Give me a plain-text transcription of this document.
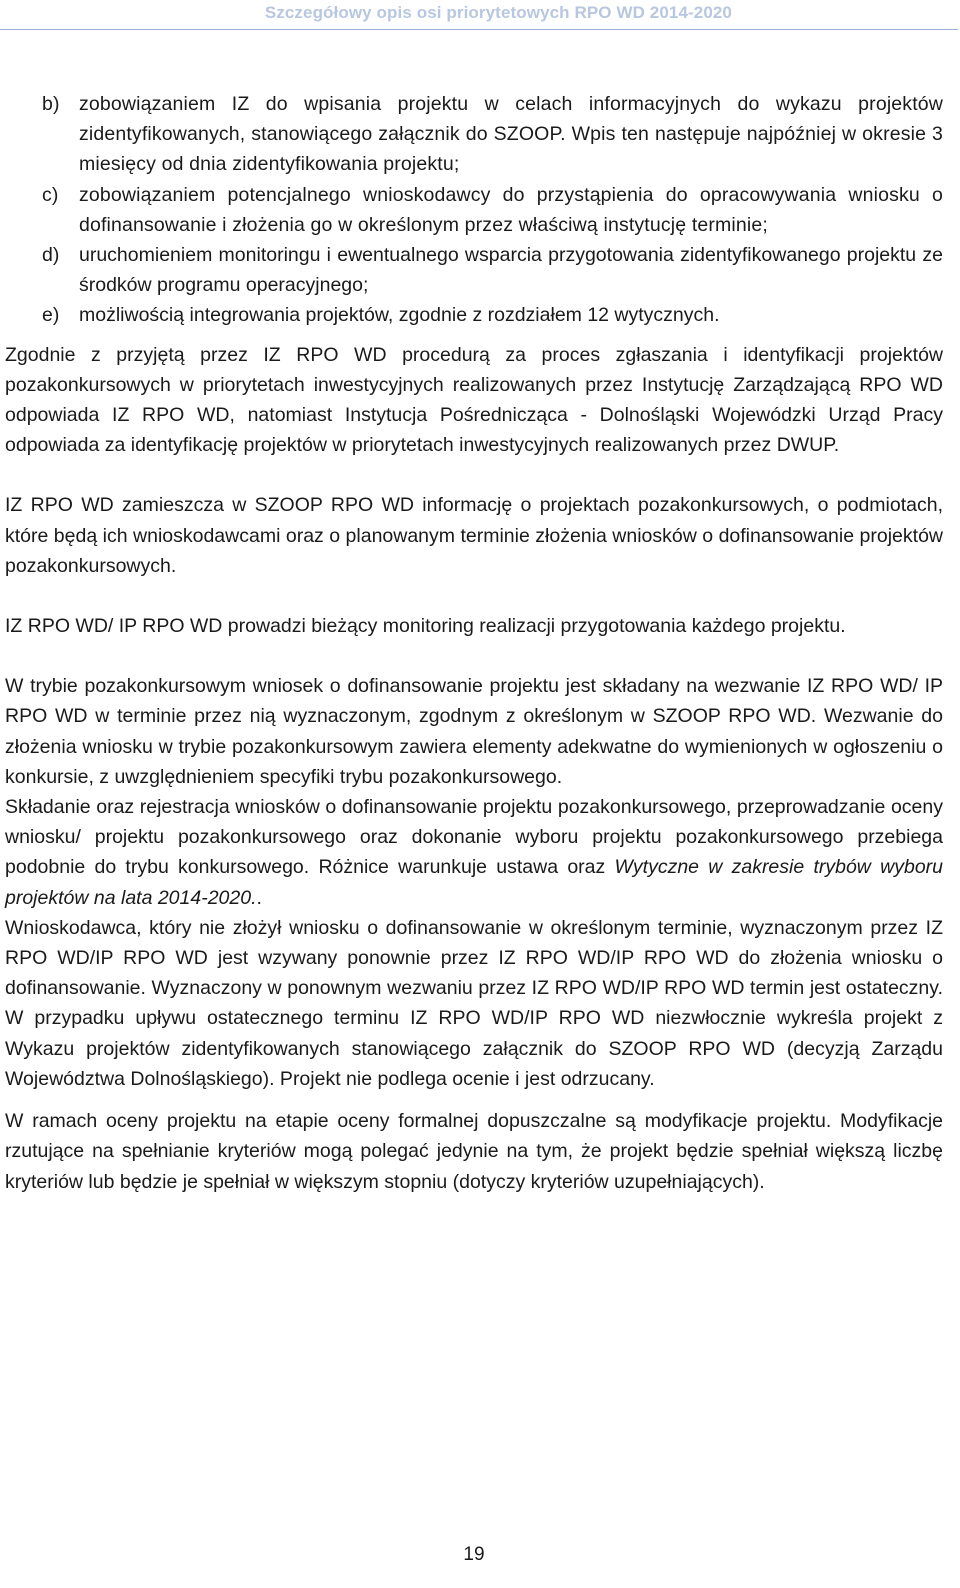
Szczegółowy opis osi priorytetowych RPO WD 2014-2020
b) zobowiązaniem IZ do wpisania projektu w celach informacyjnych do wykazu projektów zidentyfikowanych, stanowiącego załącznik do SZOOP. Wpis ten następuje najpóźniej w okresie 3 miesięcy od dnia zidentyfikowania projektu;
c) zobowiązaniem potencjalnego wnioskodawcy do przystąpienia do opracowywania wniosku o dofinansowanie i złożenia go w określonym przez właściwą instytucję terminie;
d) uruchomieniem monitoringu i ewentualnego wsparcia przygotowania zidentyfikowanego projektu ze środków programu operacyjnego;
e) możliwością integrowania projektów, zgodnie z rozdziałem 12 wytycznych.

Zgodnie z przyjętą przez IZ RPO WD procedurą za proces zgłaszania i identyfikacji projektów pozakonkursowych w priorytetach inwestycyjnych realizowanych przez Instytucję Zarządzającą RPO WD odpowiada IZ RPO WD, natomiast Instytucja Pośrednicząca - Dolnośląski Wojewódzki Urząd Pracy odpowiada za identyfikację projektów w priorytetach inwestycyjnych realizowanych przez DWUP.

IZ RPO WD zamieszcza w SZOOP RPO WD informację o projektach pozakonkursowych, o podmiotach, które będą ich wnioskodawcami oraz o planowanym terminie złożenia wniosków o dofinansowanie projektów pozakonkursowych.

IZ RPO WD/ IP RPO WD prowadzi bieżący monitoring realizacji przygotowania każdego projektu.

W trybie pozakonkursowym wniosek o dofinansowanie projektu jest składany na wezwanie IZ RPO WD/ IP RPO WD w terminie przez nią wyznaczonym, zgodnym z określonym w SZOOP RPO WD. Wezwanie do złożenia wniosku w trybie pozakonkursowym zawiera elementy adekwatne do wymienionych w ogłoszeniu o konkursie, z uwzględnieniem specyfiki trybu pozakonkursowego.

Składanie oraz rejestracja wniosków o dofinansowanie projektu pozakonkursowego, przeprowadzanie oceny wniosku/ projektu pozakonkursowego oraz dokonanie wyboru projektu pozakonkursowego przebiega podobnie do trybu konkursowego. Różnice warunkuje ustawa oraz Wytyczne w zakresie trybów wyboru projektów na lata 2014-2020..

Wnioskodawca, który nie złożył wniosku o dofinansowanie w określonym terminie, wyznaczonym przez IZ RPO WD/IP RPO WD jest wzywany ponownie przez IZ RPO WD/IP RPO WD do złożenia wniosku o dofinansowanie. Wyznaczony w ponownym wezwaniu przez IZ RPO WD/IP RPO WD termin jest ostateczny. W przypadku upływu ostatecznego terminu IZ RPO WD/IP RPO WD niezwłocznie wykreśla projekt z Wykazu projektów zidentyfikowanych stanowiącego załącznik do SZOOP RPO WD (decyzją Zarządu Województwa Dolnośląskiego). Projekt nie podlega ocenie i jest odrzucany.

W ramach oceny projektu na etapie oceny formalnej dopuszczalne są modyfikacje projektu. Modyfikacje rzutujące na spełnianie kryteriów mogą polegać jedynie na tym, że projekt będzie spełniał większą liczbę kryteriów lub będzie je spełniał w większym stopniu (dotyczy kryteriów uzupełniających).

19
